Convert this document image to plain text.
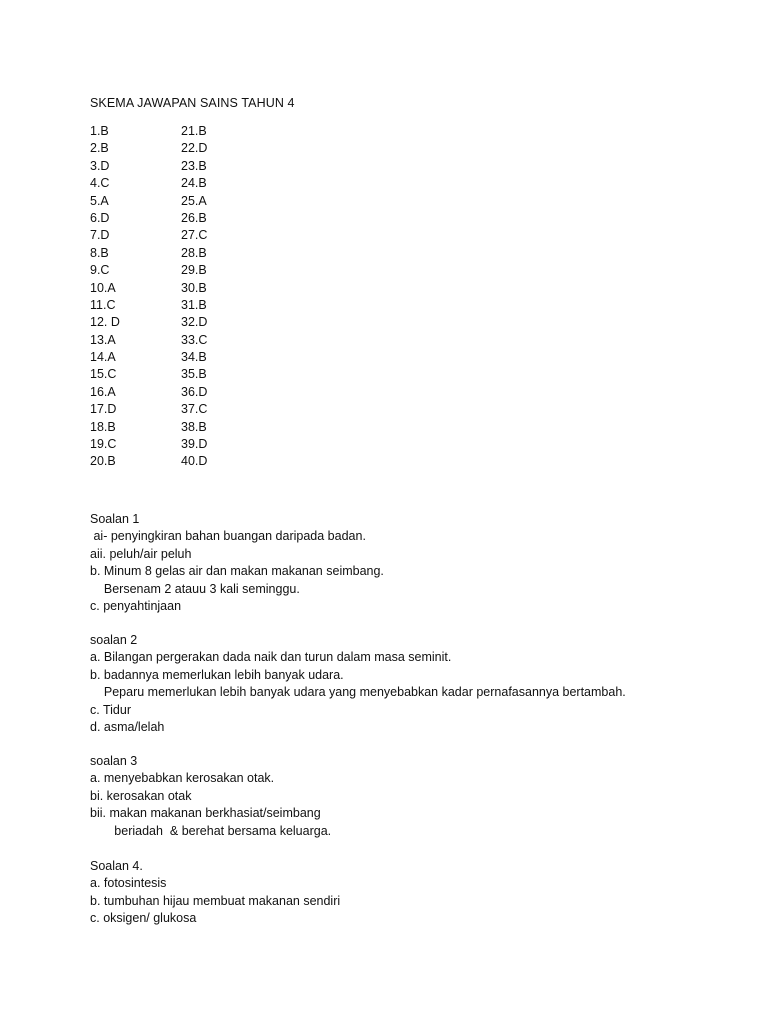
SKEMA JAWAPAN SAINS TAHUN 4
1.B	21.B
2.B	22.D
3.D	23.B
4.C	24.B
5.A	25.A
6.D	26.B
7.D	27.C
8.B	28.B
9.C	29.B
10.A	30.B
11.C	31.B
12. D	32.D
13.A	33.C
14.A	34.B
15.C	35.B
16.A	36.D
17.D	37.C
18.B	38.B
19.C	39.D
20.B	40.D
Soalan 1
ai- penyingkiran bahan buangan daripada badan.
aii. peluh/air peluh
b. Minum 8 gelas air dan makan makanan seimbang.
Bersenam 2 atauu 3 kali seminggu.
c. penyahtinjaan
soalan 2
a. Bilangan pergerakan dada naik dan turun dalam masa seminit.
b. badannya memerlukan lebih banyak udara.
Peparu memerlukan lebih banyak udara yang menyebabkan kadar pernafasannya bertambah.
c. Tidur
d. asma/lelah
soalan 3
a. menyebabkan kerosakan otak.
bi. kerosakan otak
bii. makan makanan berkhasiat/seimbang
beriadah  & berehat bersama keluarga.
Soalan 4.
a. fotosintesis
b. tumbuhan hijau membuat makanan sendiri
c. oksigen/ glukosa
